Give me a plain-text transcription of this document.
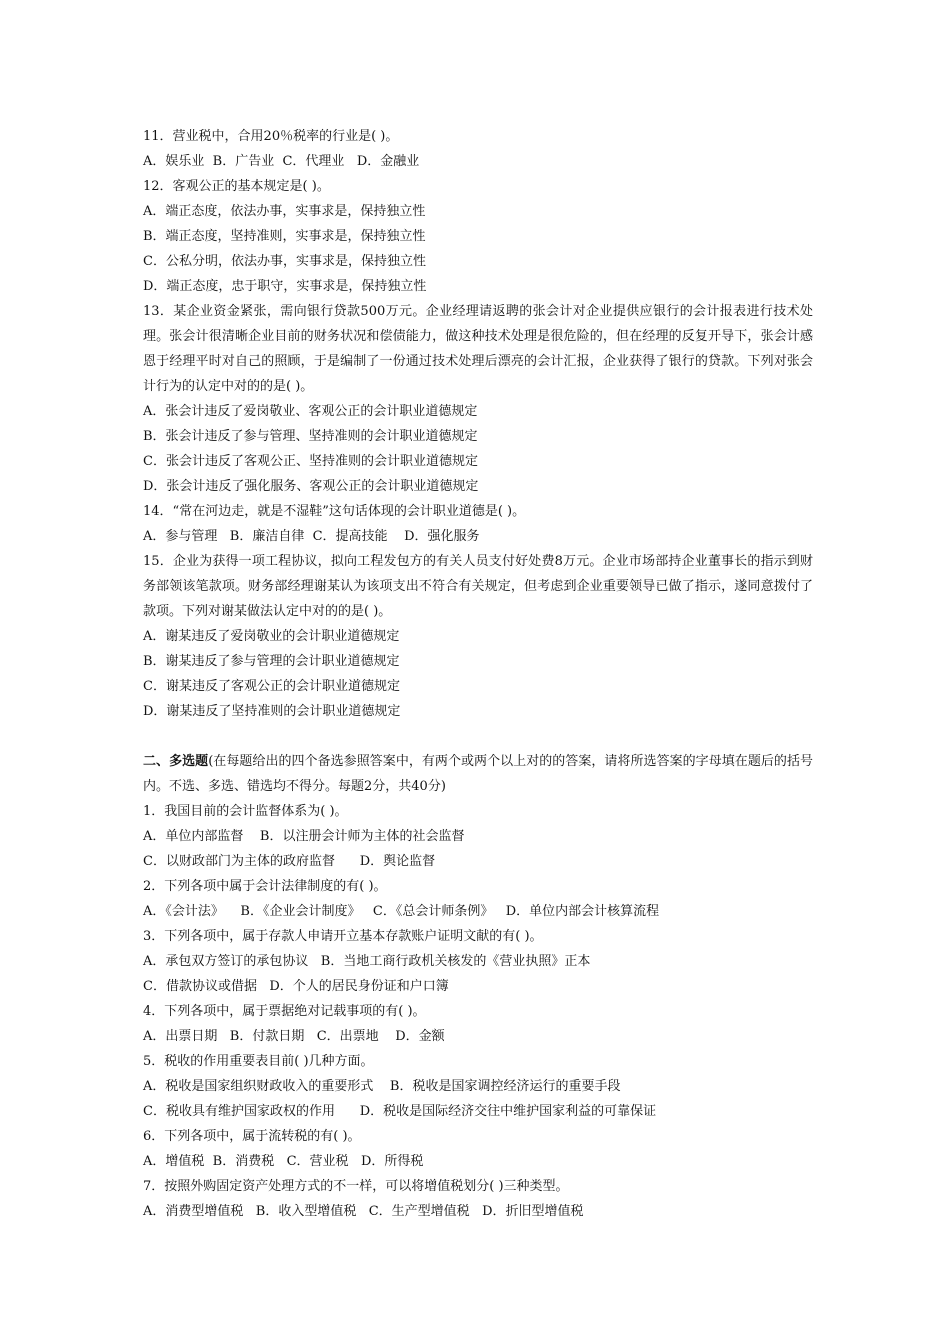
11．营业税中，合用20％税率的行业是( )。

A．娱乐业  B．广告业  C．代理业   D．金融业

12．客观公正的基本规定是( )。

A．端正态度，依法办事，实事求是，保持独立性

B．端正态度，坚持准则，实事求是，保持独立性

C．公私分明，依法办事，实事求是，保持独立性

D．端正态度，忠于职守，实事求是，保持独立性

13．某企业资金紧张，需向银行贷款500万元。企业经理请返聘的张会计对企业提供应银行的会计报表进行技术处理。张会计很清晰企业目前的财务状况和偿债能力，做这种技术处理是很危险的，但在经理的反复开导下，张会计感恩于经理平时对自己的照顾，于是编制了一份通过技术处理后漂亮的会计汇报，企业获得了银行的贷款。下列对张会计行为的认定中对的的是( )。

A．张会计违反了爱岗敬业、客观公正的会计职业道德规定

B．张会计违反了参与管理、坚持准则的会计职业道德规定

C．张会计违反了客观公正、坚持准则的会计职业道德规定

D．张会计违反了强化服务、客观公正的会计职业道德规定

14．“常在河边走，就是不湿鞋”这句话体现的会计职业道德是( )。

A．参与管理   B．廉洁自律  C．提高技能    D．强化服务

15．企业为获得一项工程协议，拟向工程发包方的有关人员支付好处费8万元。企业市场部持企业董事长的指示到财务部领该笔款项。财务部经理谢某认为该项支出不符合有关规定，但考虑到企业重要领导已做了指示，遂同意拨付了款项。下列对谢某做法认定中对的的是( )。

A．谢某违反了爱岗敬业的会计职业道德规定

B．谢某违反了参与管理的会计职业道德规定

C．谢某违反了客观公正的会计职业道德规定

D．谢某违反了坚持准则的会计职业道德规定

二、多选题(在每题给出的四个备选参照答案中，有两个或两个以上对的的答案，请将所选答案的字母填在题后的括号内。不选、多选、错选均不得分。每题2分，共40分)

1．我国目前的会计监督体系为( )。

A．单位内部监督    B．以注册会计师为主体的社会监督

C．以财政部门为主体的政府监督      D．舆论监督

2．下列各项中属于会计法律制度的有( )。

A．《会计法》    B．《企业会计制度》   C．《总会计师条例》   D．单位内部会计核算流程

3．下列各项中，属于存款人申请开立基本存款账户证明文献的有( )。

A．承包双方签订的承包协议   B．当地工商行政机关核发的《营业执照》正本

C．借款协议或借据   D．个人的居民身份证和户口簿

4．下列各项中，属于票据绝对记载事项的有( )。

A．出票日期   B．付款日期   C．出票地    D．金额

5．税收的作用重要表目前( )几种方面。

A．税收是国家组织财政收入的重要形式    B．税收是国家调控经济运行的重要手段

C．税收具有维护国家政权的作用      D．税收是国际经济交往中维护国家利益的可靠保证

6．下列各项中，属于流转税的有( )。

A．增值税  B．消费税   C．营业税   D．所得税

7．按照外购固定资产处理方式的不一样，可以将增值税划分( )三种类型。

A．消费型增值税   B．收入型增值税   C．生产型增值税   D．折旧型增值税
